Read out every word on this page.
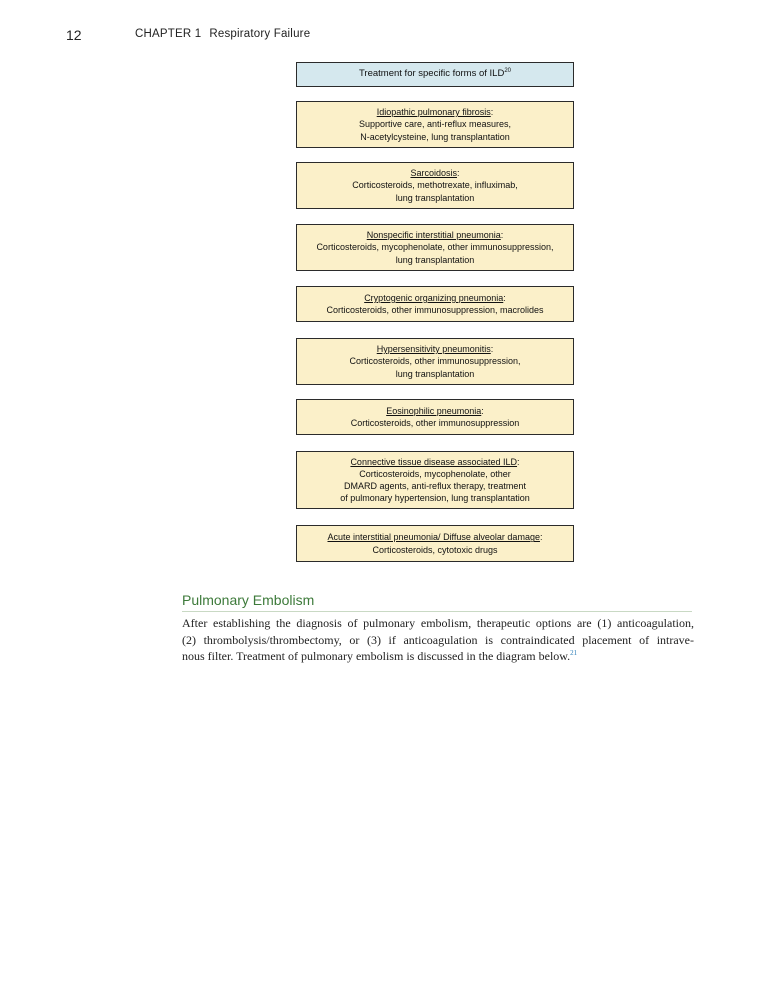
12	CHAPTER 1 Respiratory Failure
Treatment for specific forms of ILD$^{20}$
Idiopathic pulmonary fibrosis:
Supportive care, anti-reflux measures,
N-acetylcysteine, lung transplantation
Sarcoidosis:
Corticosteroids, methotrexate, influximab,
lung transplantation
Nonspecific interstitial pneumonia:
Corticosteroids, mycophenolate, other immunosuppression,
lung transplantation
Cryptogenic organizing pneumonia:
Corticosteroids, other immunosuppression, macrolides
Hypersensitivity pneumonitis:
Corticosteroids, other immunosuppression,
lung transplantation
Eosinophilic pneumonia:
Corticosteroids, other immunosuppression
Connective tissue disease associated ILD:
Corticosteroids, mycophenolate, other
DMARD agents, anti-reflux therapy, treatment
of pulmonary hypertension, lung transplantation
Acute interstitial pneumonia/ Diffuse alveolar damage:
Corticosteroids, cytotoxic drugs
Pulmonary Embolism
After establishing the diagnosis of pulmonary embolism, therapeutic options are (1) anticoagulation,
(2) thrombolysis/thrombectomy, or (3) if anticoagulation is contraindicated placement of intrave-
nous filter. Treatment of pulmonary embolism is discussed in the diagram below.$^{21}$
